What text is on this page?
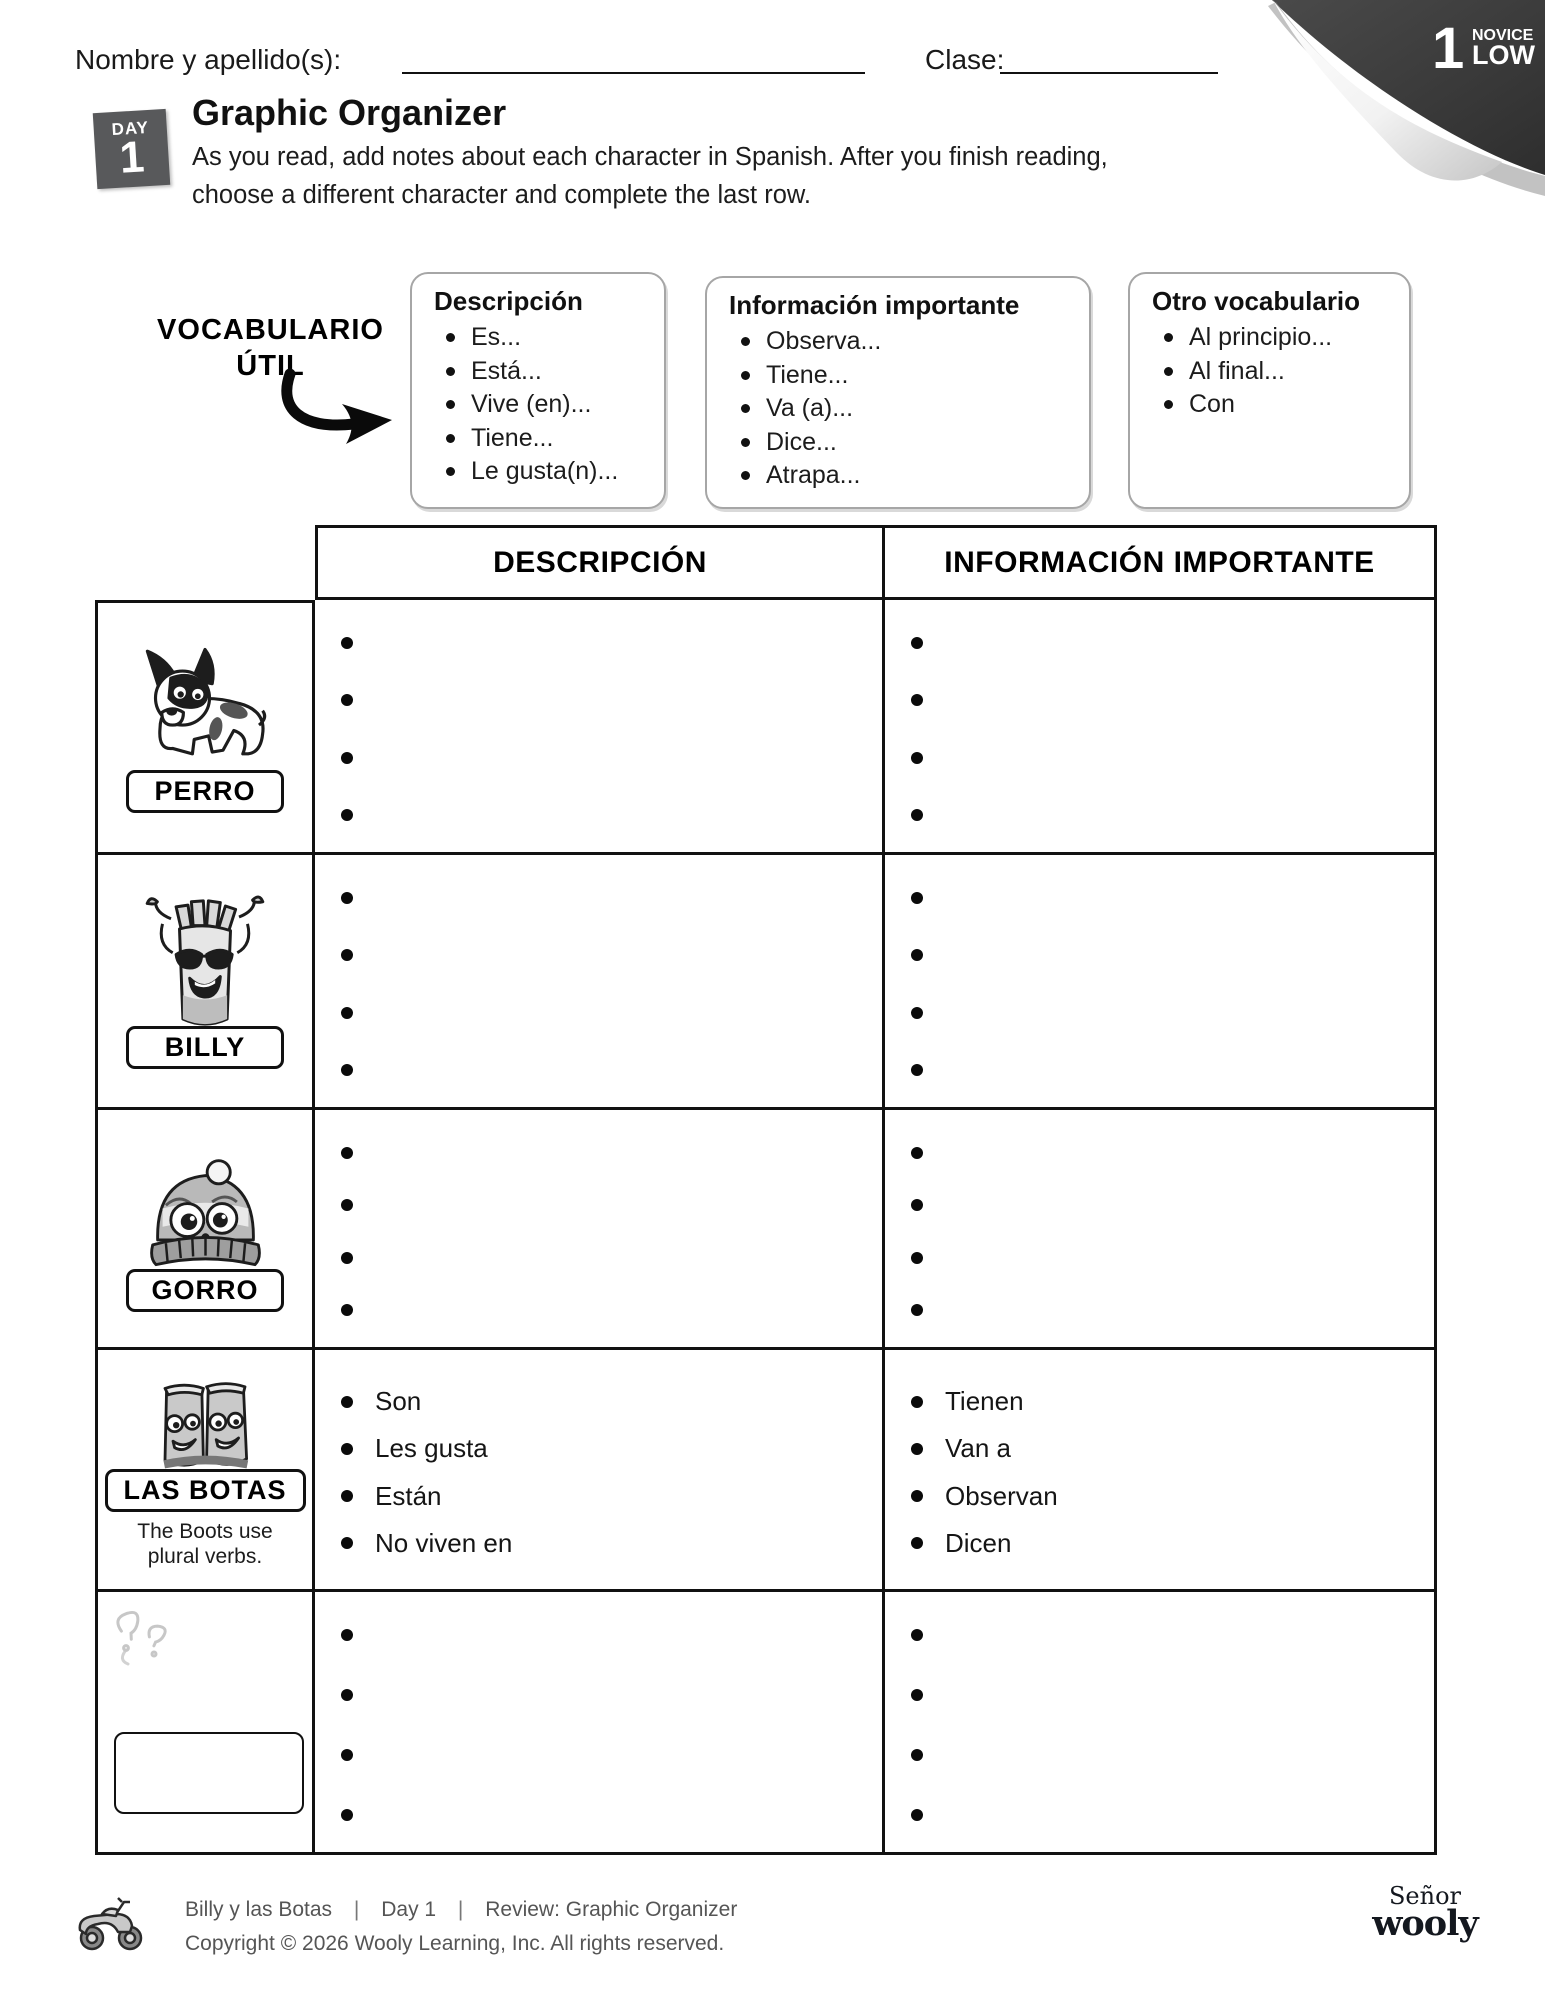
1 NOVICE
LOW
Nombre y apellido(s):	Clase:
DAY
1
Graphic Organizer
As you read, add notes about each character in Spanish. After you finish reading,
choose a different character and complete the last row.
VOCABULARIO
ÚTIL
Descripción
Es...
Está...
Vive (en)...
Tiene...
Le gusta(n)...
Información importante
Observa...
Tiene...
Va (a)...
Dice...
Atrapa...
Otro vocabulario
Al principio...
Al final...
Con
DESCRIPCIÓN	INFORMACIÓN IMPORTANTE
PERRO
BILLY
GORRO
LAS BOTAS
The Boots use plural verbs.
Son
Les gusta
Están
No viven en
Tienen
Van a
Observan
Dicen
Billy y las Botas | Day 1 | Review: Graphic Organizer
Copyright © 2026 Wooly Learning, Inc. All rights reserved.
Señor
wooly
